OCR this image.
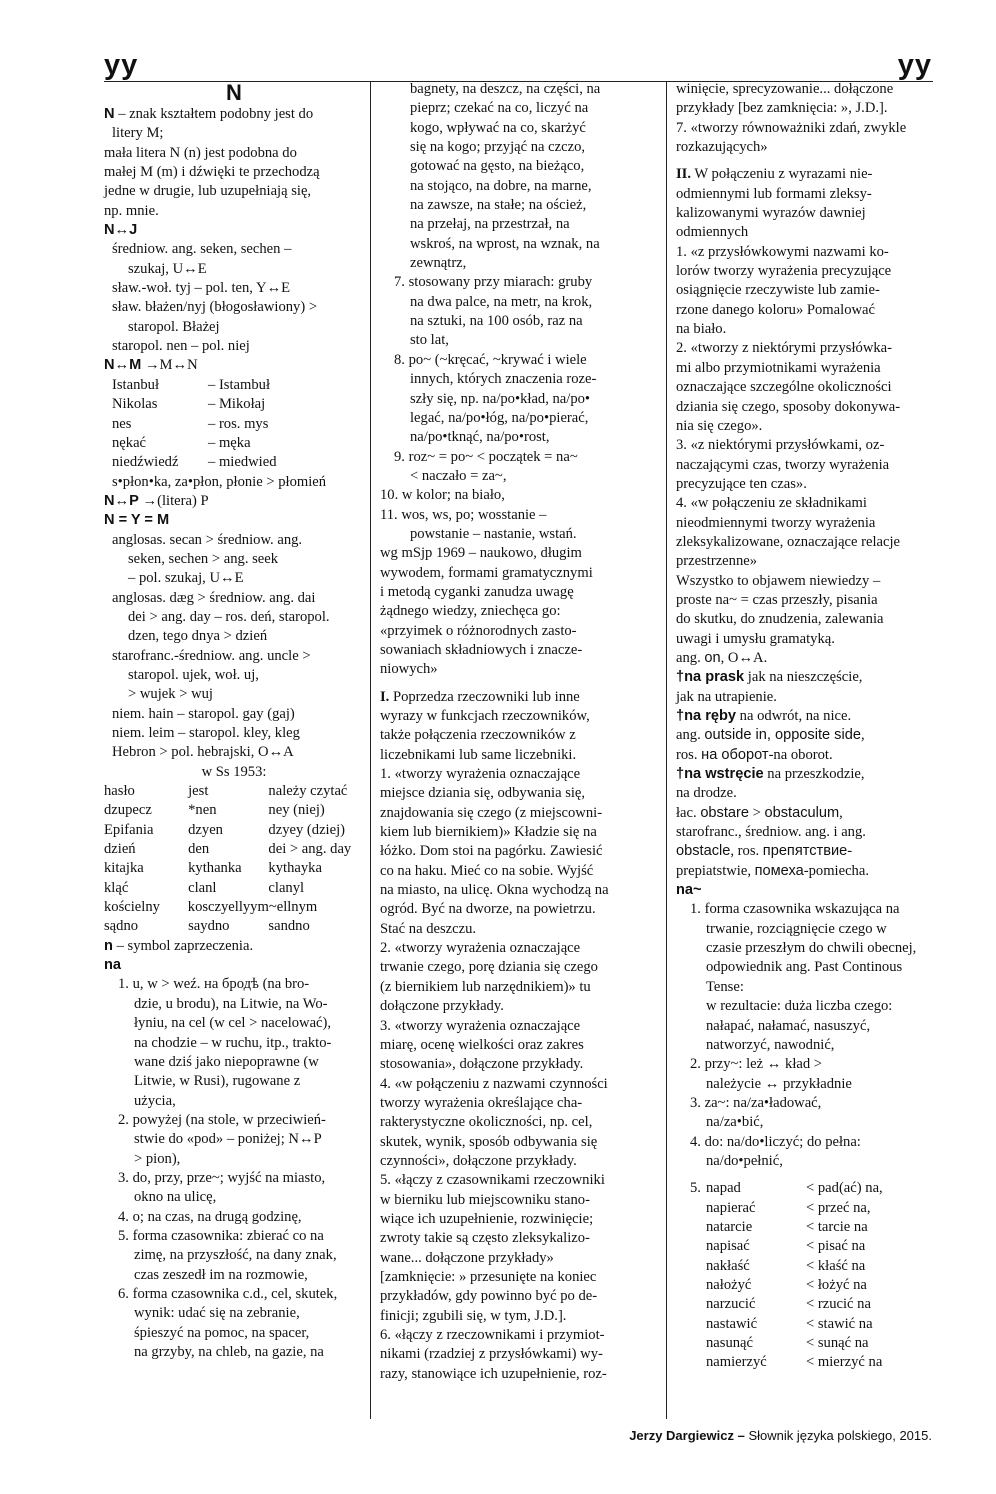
yy	yy
N
N – znak kształtem podobny jest do
litery M;
mała litera N (n) jest podobna do
małej M (m) i dźwięki te przechodzą
jedne w drugie, lub uzupełniają się,
np. mnie.
N↔J
średniow. ang. seken, sechen –
szukaj, U↔E
sław.-woł. tyj – pol. ten, Y↔E
sław. błażen/nyj (błogosławiony) >
staropol. Błażej
staropol. nen – pol. niej
N↔M →M↔N
Istanbuł	– Istambuł
Nikolas	– Mikołaj
nes	– ros. mys
nękać	– męka
niedźwiedź	– miedwied
s•płon•ka, za•płon, płonie > płomień
N↔P →(litera) P
N = Y = M
anglosas. secan > średniow. ang.
seken, sechen > ang. seek
– pol. szukaj, U↔E
anglosas. dæg > średniow. ang. dai
dei > ang. day – ros. deń, staropol.
dzen, tego dnya > dzień
starofranc.-średniow. ang. uncle >
staropol. ujek, woł. uj,
> wujek > wuj
niem. hain – staropol. gay (gaj)
niem. leim – staropol. kley, kleg
Hebron > pol. hebrajski, O↔A
w Ss 1953:
hasło	jest	należy czytać
dzupecz	*nen	ney (niej)
Epifania	dzyen	dzyey (dziej)
dzień	den	dei > ang. day
kitajka	kythanka	kythayka
kląć	clanl	clanyl
kościelny	kosczyellyym ~ellnym
sądno	saydno	sandno
n – symbol zaprzeczenia.
na
1. u, w > weź. на бродѣ (na bro-
dzie, u brodu), na Litwie, na Wo-
łyniu, na cel (w cel > nacelować),
na chodzie – w ruchu, itp., trakto-
wane dziś jako niepoprawne (w
Litwie, w Rusi), rugowane z
użycia,
2. powyżej (na stole, w przeciwień-
stwie do «pod» – poniżej; N↔P
> pion),
3. do, przy, prze~; wyjść na miasto,
okno na ulicę,
4. o; na czas, na drugą godzinę,
5. forma czasownika: zbierać co na
zimę, na przyszłość, na dany znak,
czas zeszedł im na rozmowie,
6. forma czasownika c.d., cel, skutek,
wynik: udać się na zebranie,
śpieszyć na pomoc, na spacer,
na grzyby, na chleb, na gazie, na
bagnety, na deszcz, na części, na
pieprz; czekać na co, liczyć na
kogo, wpływać na co, skarżyć
się na kogo; przyjąć na czczo,
gotować na gęsto, na bieżąco,
na stojąco, na dobre, na marne,
na zawsze, na stałe; na oścież,
na przełaj, na przestrzał, na
wskroś, na wprost, na wznak, na
zewnątrz,
7. stosowany przy miarach: gruby
na dwa palce, na metr, na krok,
na sztuki, na 100 osób, raz na
sto lat,
8. po~ (~kręcać, ~krywać i wiele
innych, których znaczenia roze-
szły się, np. na/po•kład, na/po•
legać, na/po•łóg, na/po•pierać,
na/po•tknąć, na/po•rost,
9. roz~ = po~ < początek = na~
< naczało = za~,
10. w kolor; na biało,
11. wos, ws, po; wosstanie –
powstanie – nastanie, wstań.
wg mSjp 1969 – naukowo, długim
wywodem, formami gramatycznymi
i metodą cyganki zanudza uwagę
żądnego wiedzy, zniechęca go:
«przyimek o różnorodnych zasto-
sowaniach składniowych i znacze-
niowych»
I. Poprzedza rzeczowniki lub inne
wyrazy w funkcjach rzeczowników,
także połączenia rzeczowników z
liczebnikami lub same liczebniki.
1. «tworzy wyrażenia oznaczające
miejsce dziania się, odbywania się,
znajdowania się czego (z miejscowni-
kiem lub biernikiem)» Kładzie się na
łóżko. Dom stoi na pagórku. Zawiesić
co na haku. Mieć co na sobie. Wyjść
na miasto, na ulicę. Okna wychodzą na
ogród. Być na dworze, na powietrzu.
Stać na deszczu.
2. «tworzy wyrażenia oznaczające
trwanie czego, porę dziania się czego
(z biernikiem lub narzędnikiem)» tu
dołączone przykłady.
3. «tworzy wyrażenia oznaczające
miarę, ocenę wielkości oraz zakres
stosowania», dołączone przykłady.
4. «w połączeniu z nazwami czynności
tworzy wyrażenia określające cha-
rakterystyczne okoliczności, np. cel,
skutek, wynik, sposób odbywania się
czynności», dołączone przykłady.
5. «łączy z czasownikami rzeczowniki
w bierniku lub miejscowniku stano-
wiące ich uzupełnienie, rozwinięcie;
zwroty takie są często zleksykalizo-
wane... dołączone przykłady»
[zamknięcie: » przesunięte na koniec
przykładów, gdy powinno być po de-
finicji; zgubili się, w tym, J.D.].
6. «łączy z rzeczownikami i przymiot-
nikami (rzadziej z przysłówkami) wy-
razy, stanowiące ich uzupełnienie, roz-
winięcie, sprecyzowanie... dołączone
przykłady [bez zamknięcia: », J.D.].
7. «tworzy równoważniki zdań, zwykle
rozkazujących»
II. W połączeniu z wyrazami nie-
odmiennymi lub formami zleksy-
kalizowanymi wyrazów dawniej
odmiennych
1. «z przysłówkowymi nazwami ko-
lorów tworzy wyrażenia precyzujące
osiągnięcie rzeczywiste lub zamie-
rzone danego koloru» Pomalować
na biało.
2. «tworzy z niektórymi przysłówka-
mi albo przymiotnikami wyrażenia
oznaczające szczególne okoliczności
dziania się czego, sposoby dokonywa-
nia się czego».
3. «z niektórymi przysłówkami, oz-
naczającymi czas, tworzy wyrażenia
precyzujące ten czas».
4. «w połączeniu ze składnikami
nieodmiennymi tworzy wyrażenia
zleksykalizowane, oznaczające relacje
przestrzenne»
Wszystko to objawem niewiedzy –
proste na~ = czas przeszły, pisania
do skutku, do znudzenia, zalewania
uwagi i umysłu gramatyką.
ang. on, O↔A.
†na prask jak na nieszczęście,
jak na utrapienie.
†na ręby na odwrót, na nice.
ang. outside in, opposite side,
ros. на оборот-na oborot.
†na wstręcie na przeszkodzie,
na drodze.
łac. obstare > obstaculum,
starofranc., średniow. ang. i ang.
obstacle, ros. препятствие-
prepiatstwie, помеха-pomiecha.
na~
1. forma czasownika wskazująca na
trwanie, rozciągnięcie czego w
czasie przeszłym do chwili obecnej,
odpowiednik ang. Past Continous
Tense:
w rezultacie: duża liczba czego:
nałapać, nałamać, nasuszyć,
natworzyć, nawodnić,
2. przy~: leż ↔ kład >
należycie ↔ przykładnie
3. za~: na/za•ładować,
na/za•bić,
4. do: na/do•liczyć; do pełna:
na/do•pełnić,
5. napad	< pad(ać) na,
napierać	< przeć na,
natarcie	< tarcie na
napisać	< pisać na
nakłaść	< kłaść na
nałożyć	< łożyć na
narzucić	< rzucić na
nastawić	< stawić na
nasunąć	< sunąć na
namierzyć	< mierzyć na
Jerzy Dargiewicz – Słownik języka polskiego, 2015.
